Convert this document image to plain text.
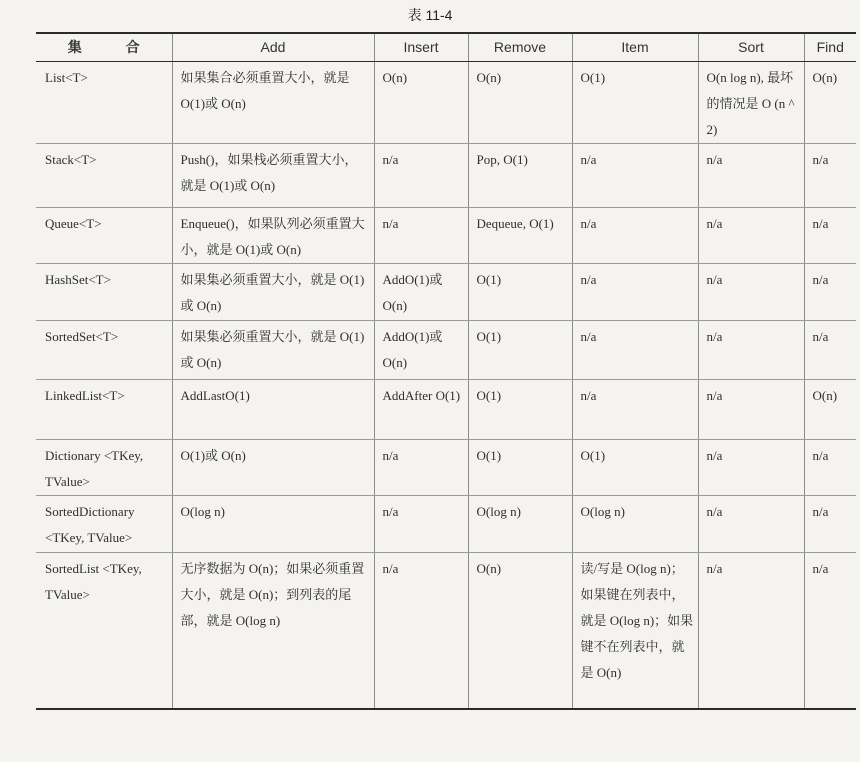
表 11-4
集 合	Add	Insert	Remove	Item	Sort	Find
List<T>	如果集合必须重置大小，就是 O(1)或 O(n)	O(n)	O(n)	O(1)	O(n log n), 最坏的情况是 O (n ^ 2)	O(n)
Stack<T>	Push()，如果栈必须重置大小，就是 O(1)或 O(n)	n/a	Pop, O(1)	n/a	n/a	n/a
Queue<T>	Enqueue()，如果队列必须重置大小，就是 O(1)或 O(n)	n/a	Dequeue, O(1)	n/a	n/a	n/a
HashSet<T>	如果集必须重置大小，就是 O(1)或 O(n)	AddO(1)或 O(n)	O(1)	n/a	n/a	n/a
SortedSet<T>	如果集必须重置大小，就是 O(1)或 O(n)	AddO(1)或 O(n)	O(1)	n/a	n/a	n/a
LinkedList<T>	AddLastO(1)	AddAfter O(1)	O(1)	n/a	n/a	O(n)
Dictionary <TKey, TValue>	O(1)或 O(n)	n/a	O(1)	O(1)	n/a	n/a
SortedDictionary <TKey, TValue>	O(log n)	n/a	O(log n)	O(log n)	n/a	n/a
SortedList <TKey, TValue>	无序数据为 O(n)；如果必须重置大小，就是 O(n)；到列表的尾部，就是 O(log n)	n/a	O(n)	读/写是 O(log n)；如果键在列表中，就是 O(log n)；如果键不在列表中，就是 O(n)	n/a	n/a
